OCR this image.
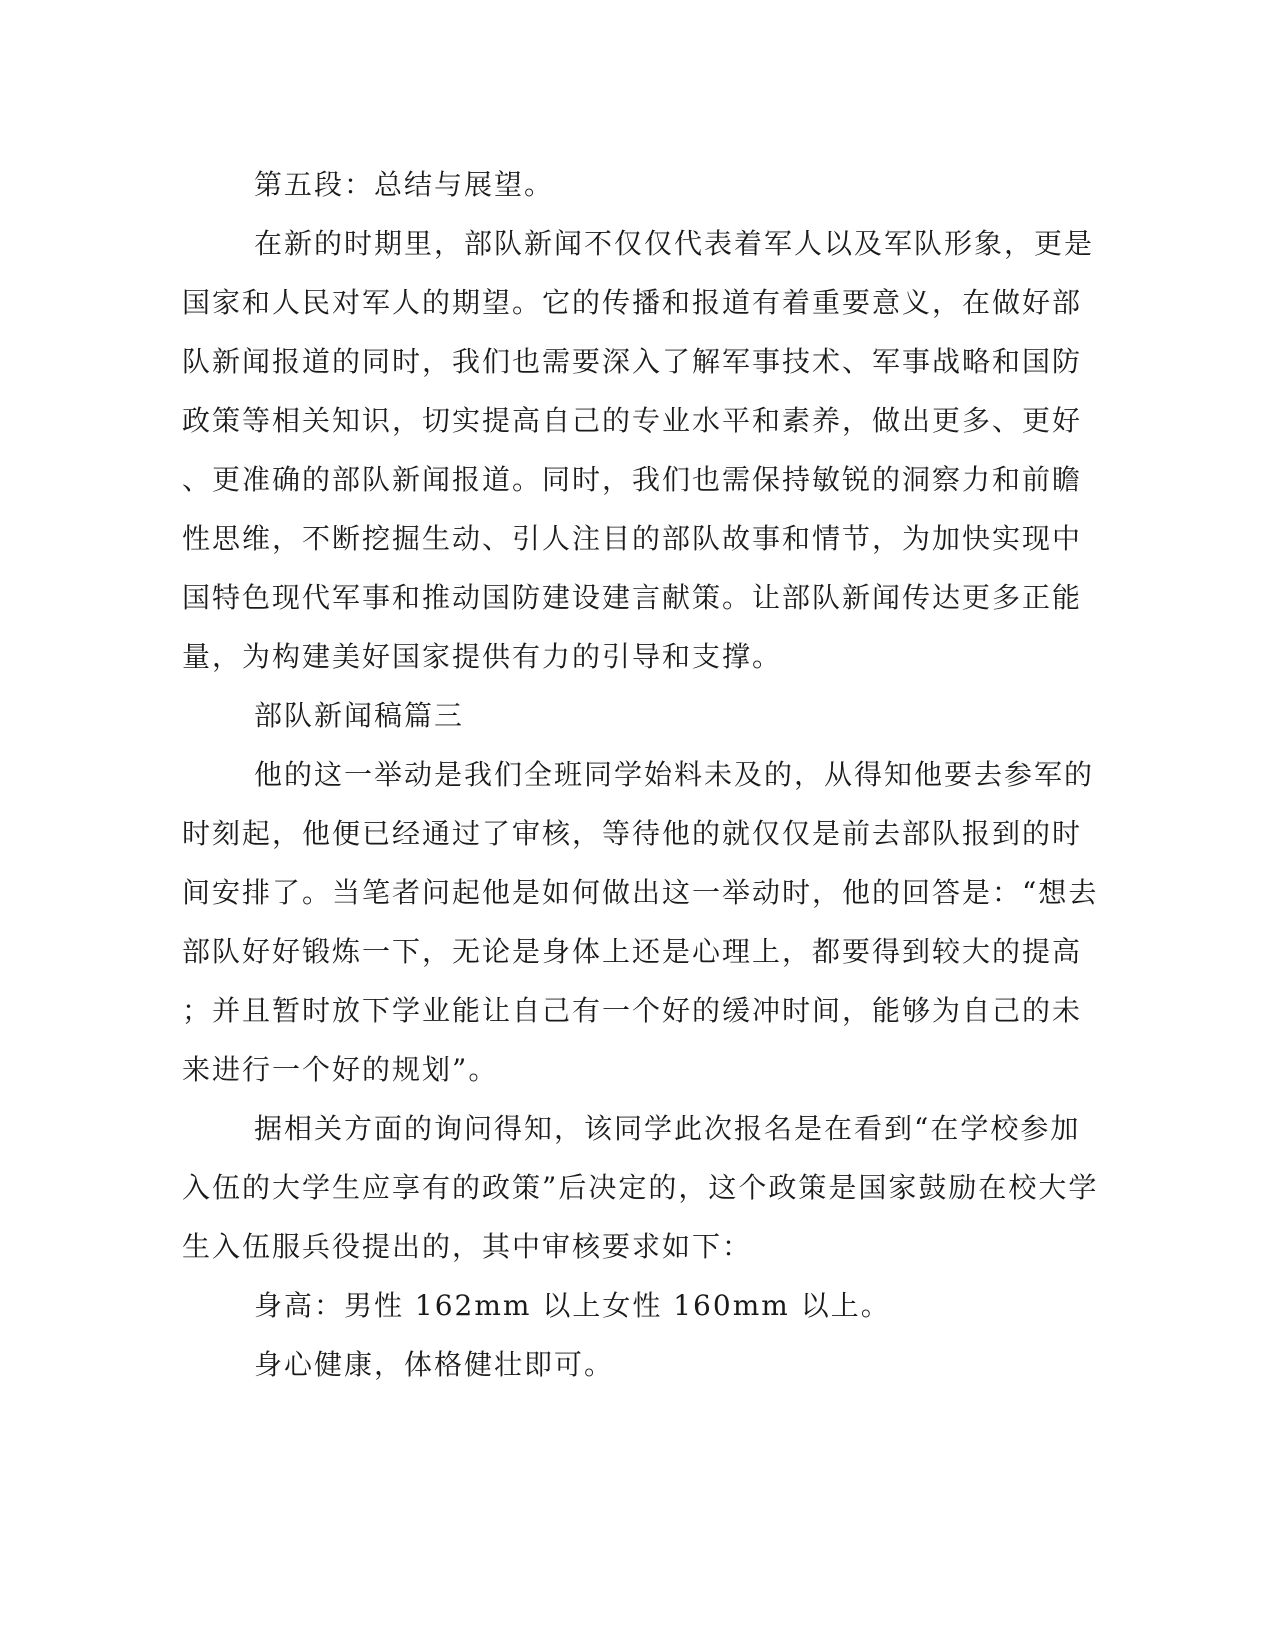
第五段：总结与展望。
在新的时期里，部队新闻不仅仅代表着军人以及军队形象，更是
国家和人民对军人的期望。它的传播和报道有着重要意义，在做好部
队新闻报道的同时，我们也需要深入了解军事技术、军事战略和国防
政策等相关知识，切实提高自己的专业水平和素养，做出更多、更好
、更准确的部队新闻报道。同时，我们也需保持敏锐的洞察力和前瞻
性思维，不断挖掘生动、引人注目的部队故事和情节，为加快实现中
国特色现代军事和推动国防建设建言献策。让部队新闻传达更多正能
量，为构建美好国家提供有力的引导和支撑。
部队新闻稿篇三
他的这一举动是我们全班同学始料未及的，从得知他要去参军的
时刻起，他便已经通过了审核，等待他的就仅仅是前去部队报到的时
间安排了。当笔者问起他是如何做出这一举动时，他的回答是：“想去
部队好好锻炼一下，无论是身体上还是心理上，都要得到较大的提高
；并且暂时放下学业能让自己有一个好的缓冲时间，能够为自己的未
来进行一个好的规划”。
据相关方面的询问得知，该同学此次报名是在看到“在学校参加
入伍的大学生应享有的政策”后决定的，这个政策是国家鼓励在校大学
生入伍服兵役提出的，其中审核要求如下：
身高：男性 162mm 以上女性 160mm 以上。
身心健康，体格健壮即可。
